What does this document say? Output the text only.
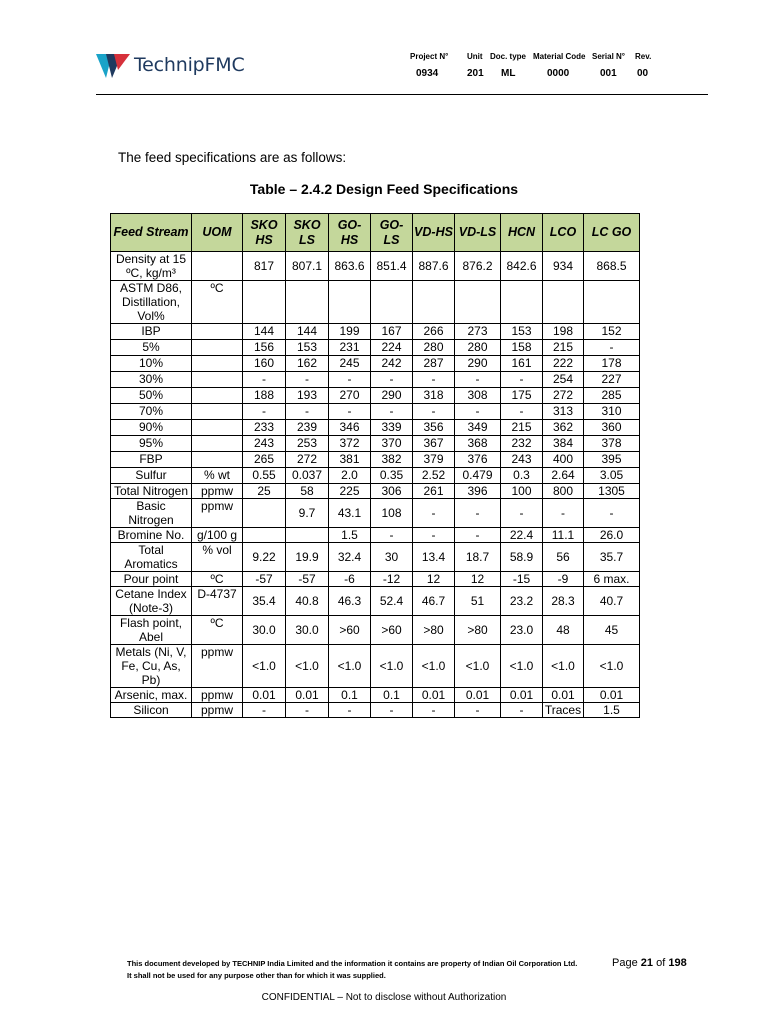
TechnipFMC	Project N° Unit Doc. type Material Code Serial N° Rev.
0934	201 ML	0000	001 00
The feed specifications are as follows:
Table – 2.4.2 Design Feed Specifications
Feed Stream	UOM	SKO HS	SKO LS	GO-HS	GO-LS	VD-HS	VD-LS	HCN	LCO	LC GO
Density at 15 ºC, kg/m³		817	807.1	863.6	851.4	887.6	876.2	842.6	934	868.5
ASTM D86, Distillation, Vol%	ºC									
IBP		144	144	199	167	266	273	153	198	152
5%		156	153	231	224	280	280	158	215	-
10%		160	162	245	242	287	290	161	222	178
30%		-	-	-	-	-	-	-	254	227
50%		188	193	270	290	318	308	175	272	285
70%		-	-	-	-	-	-	-	313	310
90%		233	239	346	339	356	349	215	362	360
95%		243	253	372	370	367	368	232	384	378
FBP		265	272	381	382	379	376	243	400	395
Sulfur	% wt	0.55	0.037	2.0	0.35	2.52	0.479	0.3	2.64	3.05
Total Nitrogen	ppmw	25	58	225	306	261	396	100	800	1305
Basic Nitrogen	ppmw		9.7	43.1	108	-	-	-	-	-
Bromine No.	g/100 g			1.5	-	-	-	22.4	11.1	26.0
Total Aromatics	% vol	9.22	19.9	32.4	30	13.4	18.7	58.9	56	35.7
Pour point	ºC	-57	-57	-6	-12	12	12	-15	-9	6 max.
Cetane Index (Note-3)	D-4737	35.4	40.8	46.3	52.4	46.7	51	23.2	28.3	40.7
Flash point, Abel	ºC	30.0	30.0	>60	>60	>80	>80	23.0	48	45
Metals (Ni, V, Fe, Cu, As, Pb)	ppmw	<1.0	<1.0	<1.0	<1.0	<1.0	<1.0	<1.0	<1.0	<1.0
Arsenic, max.	ppmw	0.01	0.01	0.1	0.1	0.01	0.01	0.01	0.01	0.01
Silicon	ppmw	-	-	-	-	-	-	-	Traces	1.5
This document developed by TECHNIP India Limited and the information it contains are property of Indian Oil Corporation Ltd.
It shall not be used for any purpose other than for which it was supplied.
Page 21 of 198
CONFIDENTIAL – Not to disclose without Authorization
